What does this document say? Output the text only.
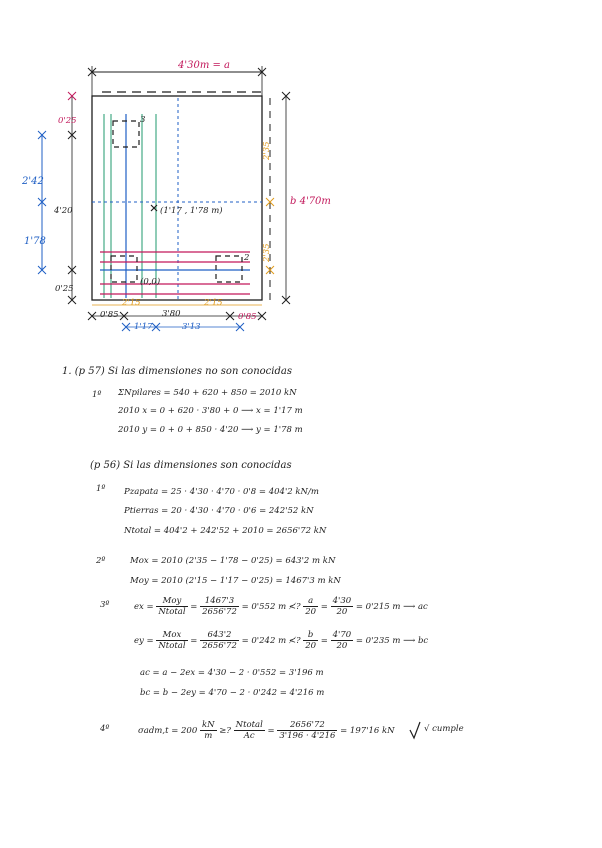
4'30m = a
b 4'70m
0'25
2'42
4'20
1'78
0'25
2'35
2'35
2'15
3'80
2'15
0'85	0'85
1'17	3'13
(1'17 , 1'78 m)
(0,0)
3
2
1. (p 57) Si las dimensiones no son conocidas
1º ΣNpilares = 540 + 620 + 850 = 2010 kN
2010 x = 0 + 620 · 3'80 + 0 ⟶ x = 1'17 m
2010 y = 0 + 0 + 850 · 4'20 ⟶ y = 1'78 m
(p 56) Si las dimensiones son conocidas
1º Pzapata = 25 · 4'30 · 4'70 · 0'8 = 404'2 kN/m
Ptierras = 20 · 4'30 · 4'70 · 0'6 = 242'52 kN
Ntotal = 404'2 + 242'52 + 2010 = 2656'72 kN
2º	Mox = 2010 (2'35 − 1'78 − 0'25) = 643'2 m kN
Moy = 2010 (2'15 − 1'17 − 0'25) = 1467'3 m kN
3º	ex = $\frac{\text{Moy}}{\text{Ntotal}} = \frac{1467'3}{2656'72} = 0'552$ m ≮? $\frac{a}{20} = \frac{4'30}{20} = 0'215$ m ⟶ ac
ey = $\frac{\text{Mox}}{\text{Ntotal}} = \frac{643'2}{2656'72} = 0'242$ m ≮? $\frac{b}{20} = \frac{4'70}{20} = 0'235$ m ⟶ bc
ac = a − 2ex = 4'30 − 2 · 0'552 = 3'196 m
bc = b − 2ey = 4'70 − 2 · 0'242 = 4'216 m
4º	$\sigma adm,t = 200 \frac{kN}{m}$ ≥? $\frac{\text{Ntotal}}{Ac} = \frac{2656'72}{3'196 \cdot 4'216} = 197'16$ kN	√ cumple
